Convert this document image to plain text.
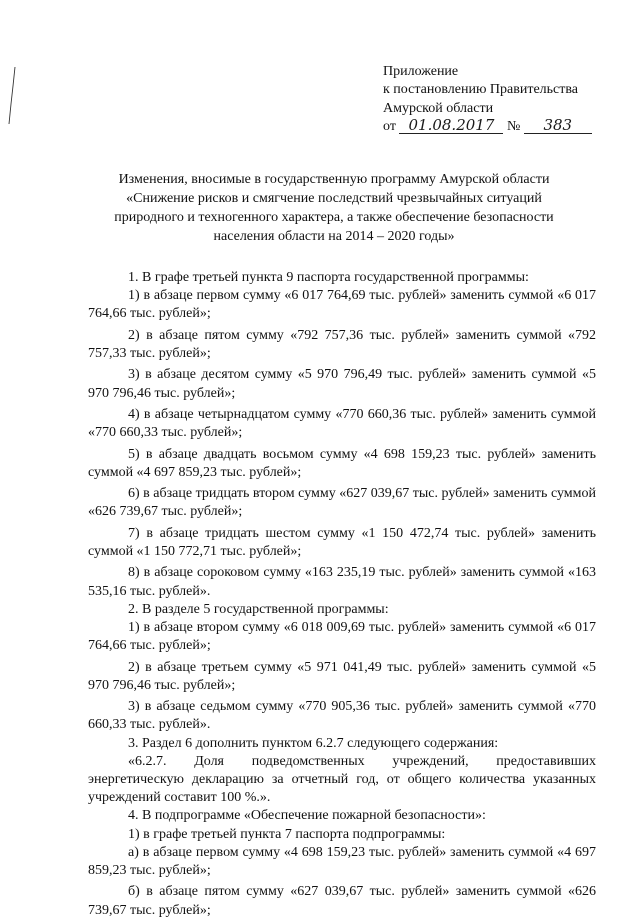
Приложение
к постановлению Правительства
Амурской области
от 01.08.2017 № 383
Изменения, вносимые в государственную программу Амурской области
«Снижение рисков и смягчение последствий чрезвычайных ситуаций
природного и техногенного характера, а также обеспечение безопасности
населения области на 2014 – 2020 годы»
1. В графе третьей пункта 9 паспорта государственной программы:
1) в абзаце первом сумму «6 017 764,69 тыс. рублей» заменить суммой «6 017 764,66 тыс. рублей»;
2) в абзаце пятом сумму «792 757,36 тыс. рублей» заменить суммой «792 757,33 тыс. рублей»;
3) в абзаце десятом сумму «5 970 796,49 тыс. рублей» заменить суммой «5 970 796,46 тыс. рублей»;
4) в абзаце четырнадцатом сумму «770 660,36 тыс. рублей» заменить суммой «770 660,33 тыс. рублей»;
5) в абзаце двадцать восьмом сумму «4 698 159,23 тыс. рублей» заменить суммой «4 697 859,23 тыс. рублей»;
6) в абзаце тридцать втором сумму «627 039,67 тыс. рублей» заменить суммой «626 739,67 тыс. рублей»;
7) в абзаце тридцать шестом сумму «1 150 472,74 тыс. рублей» заменить суммой «1 150 772,71 тыс. рублей»;
8) в абзаце сороковом сумму «163 235,19 тыс. рублей» заменить суммой «163 535,16 тыс. рублей».
2. В разделе 5 государственной программы:
1) в абзаце втором сумму «6 018 009,69 тыс. рублей» заменить суммой «6 017 764,66 тыс. рублей»;
2) в абзаце третьем сумму «5 971 041,49 тыс. рублей» заменить суммой «5 970 796,46 тыс. рублей»;
3) в абзаце седьмом сумму «770 905,36 тыс. рублей» заменить суммой «770 660,33 тыс. рублей».
3. Раздел 6 дополнить пунктом 6.2.7 следующего содержания:
«6.2.7. Доля подведомственных учреждений, предоставивших энергетическую декларацию за отчетный год, от общего количества указанных учреждений составит 100 %.».
4. В подпрограмме «Обеспечение пожарной безопасности»:
1) в графе третьей пункта 7 паспорта подпрограммы:
а) в абзаце первом сумму «4 698 159,23 тыс. рублей» заменить суммой «4 697 859,23 тыс. рублей»;
б) в абзаце пятом сумму «627 039,67 тыс. рублей» заменить суммой «626 739,67 тыс. рублей»;
